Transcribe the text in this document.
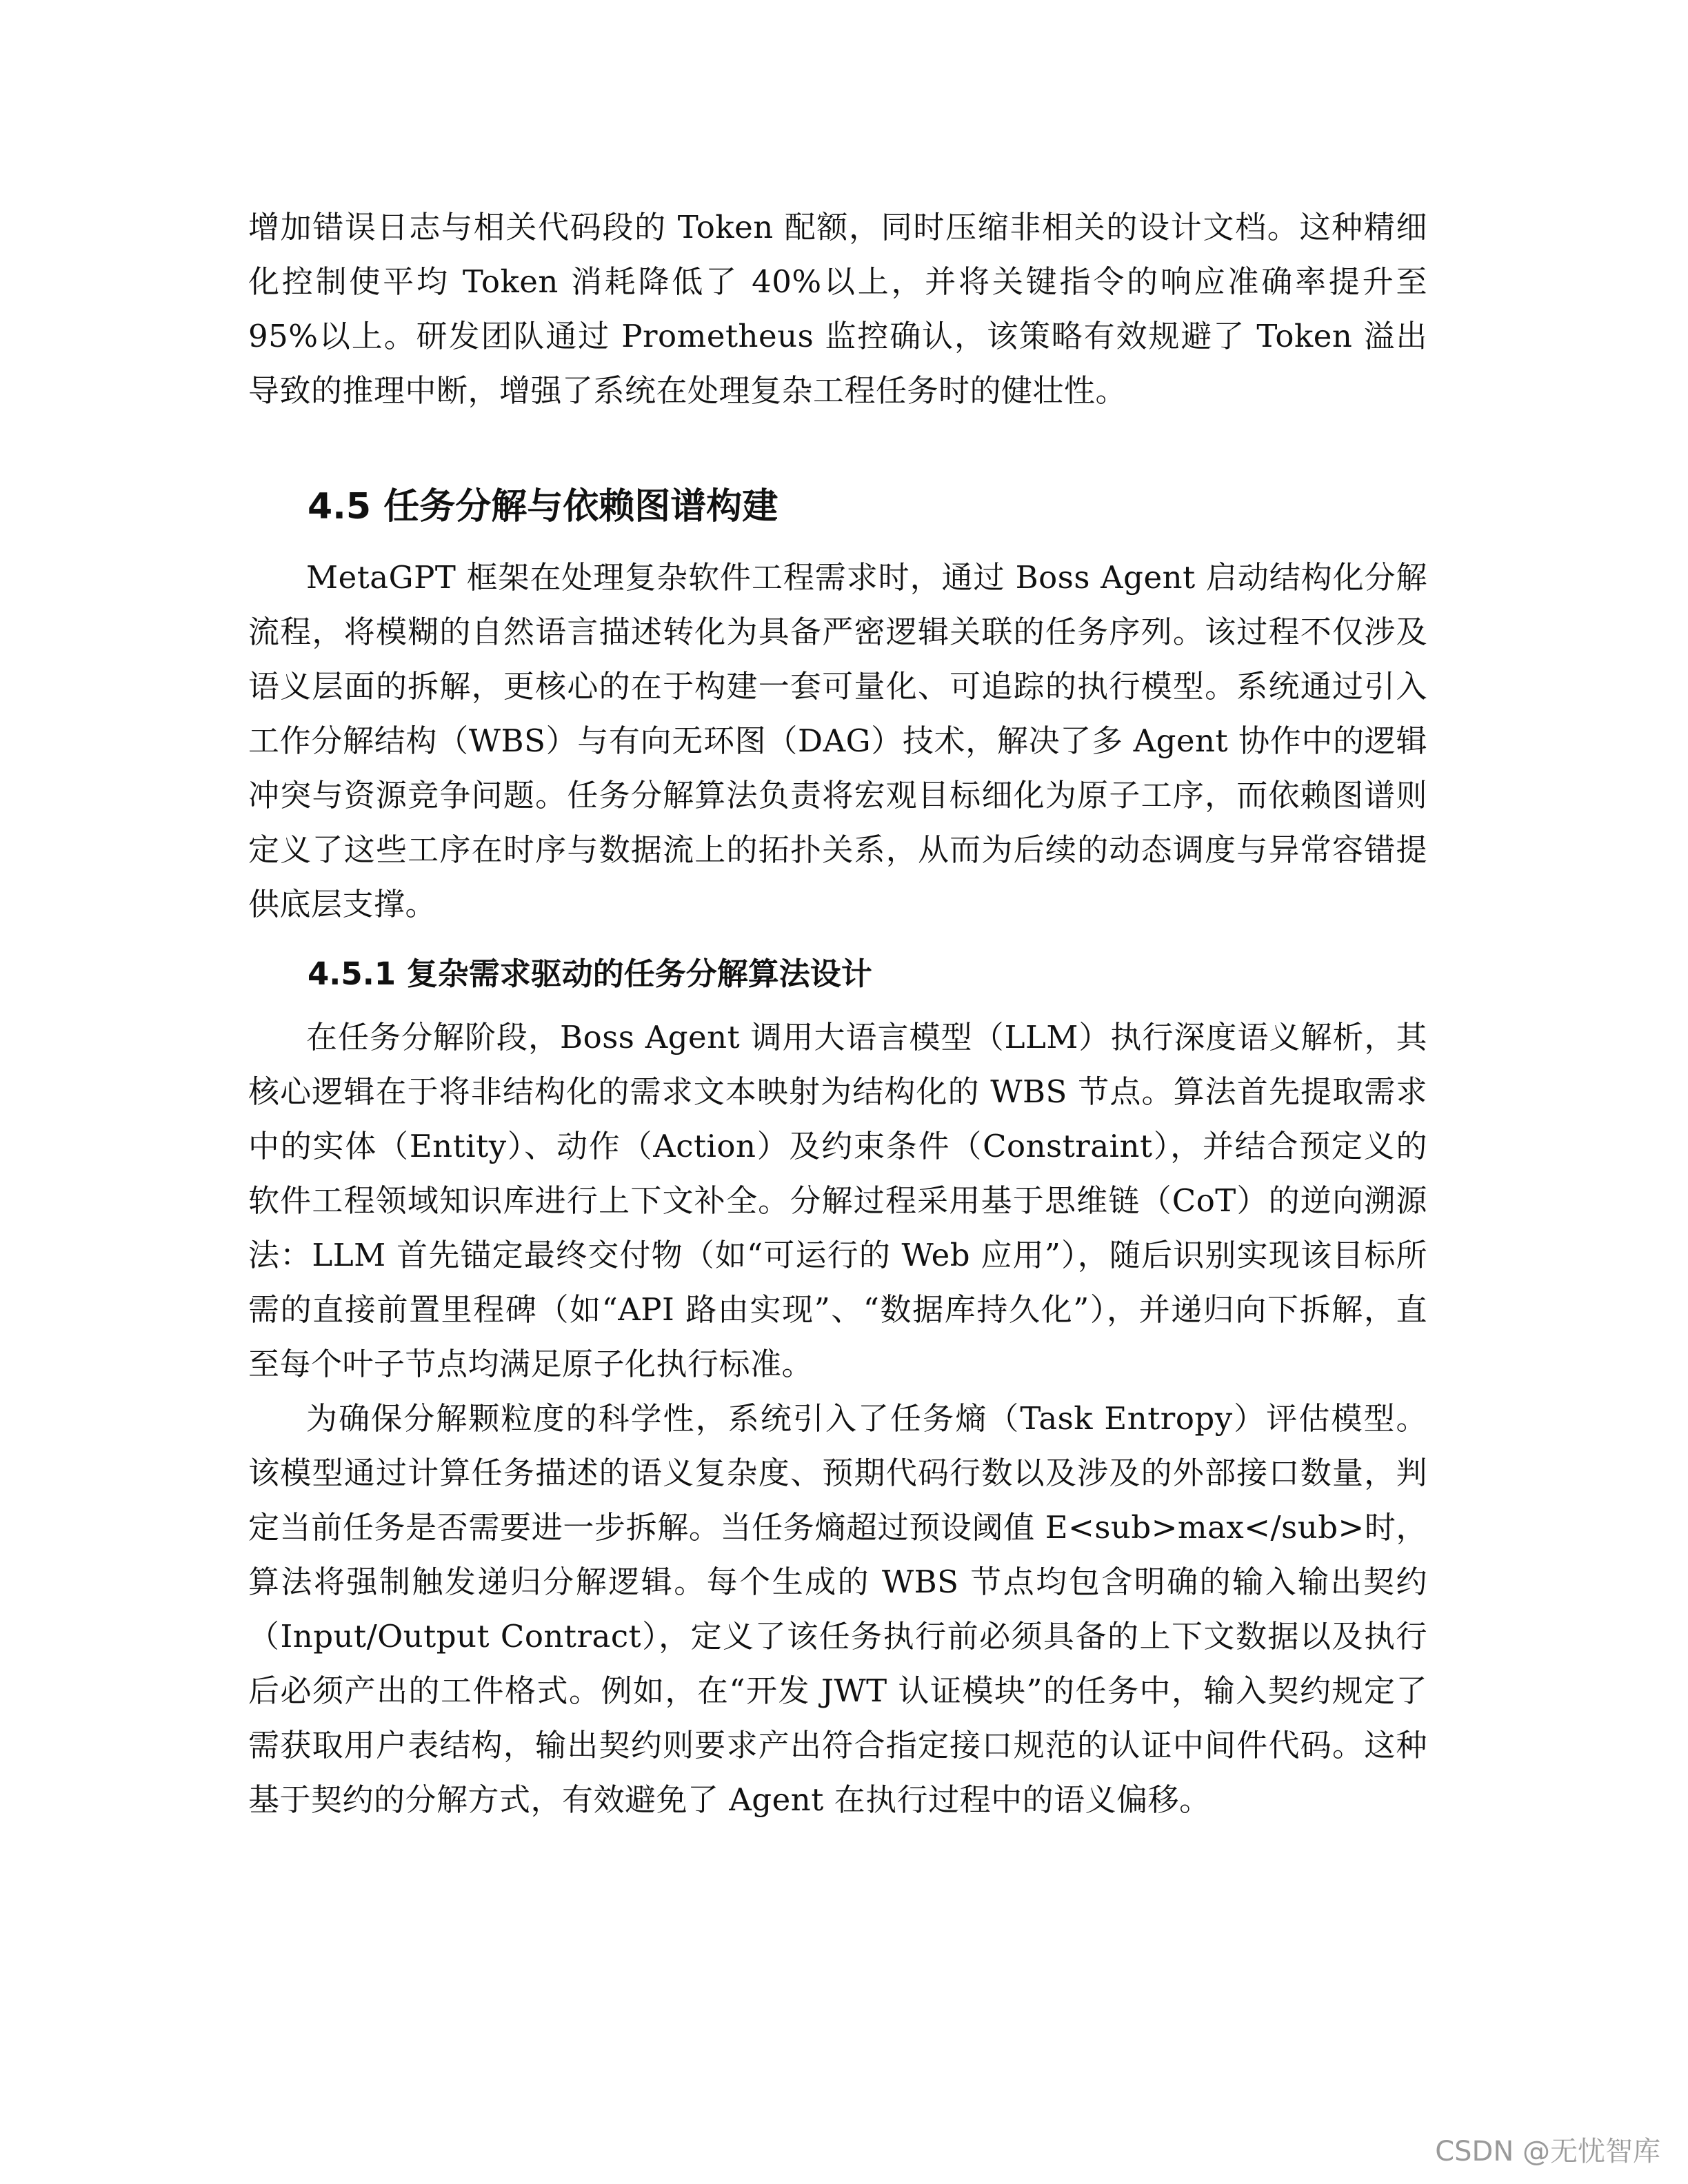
增加错误日志与相关代码段的 Token 配额，同时压缩非相关的设计文档。这种精细化控制使平均 Token 消耗降低了 40%以上，并将关键指令的响应准确率提升至 95%以上。研发团队通过 Prometheus 监控确认，该策略有效规避了 Token 溢出导致的推理中断，增强了系统在处理复杂工程任务时的健壮性。

4.5 任务分解与依赖图谱构建

MetaGPT 框架在处理复杂软件工程需求时，通过 Boss Agent 启动结构化分解流程，将模糊的自然语言描述转化为具备严密逻辑关联的任务序列。该过程不仅涉及语义层面的拆解，更核心的在于构建一套可量化、可追踪的执行模型。系统通过引入工作分解结构（WBS）与有向无环图（DAG）技术，解决了多 Agent 协作中的逻辑冲突与资源竞争问题。任务分解算法负责将宏观目标细化为原子工序，而依赖图谱则定义了这些工序在时序与数据流上的拓扑关系，从而为后续的动态调度与异常容错提供底层支撑。

4.5.1 复杂需求驱动的任务分解算法设计

在任务分解阶段，Boss Agent 调用大语言模型（LLM）执行深度语义解析，其核心逻辑在于将非结构化的需求文本映射为结构化的 WBS 节点。算法首先提取需求中的实体（Entity）、动作（Action）及约束条件（Constraint），并结合预定义的软件工程领域知识库进行上下文补全。分解过程采用基于思维链（CoT）的逆向溯源法：LLM 首先锚定最终交付物（如“可运行的 Web 应用”），随后识别实现该目标所需的直接前置里程碑（如“API 路由实现”、“数据库持久化”），并递归向下拆解，直至每个叶子节点均满足原子化执行标准。

为确保分解颗粒度的科学性，系统引入了任务熵（Task Entropy）评估模型。该模型通过计算任务描述的语义复杂度、预期代码行数以及涉及的外部接口数量，判定当前任务是否需要进一步拆解。当任务熵超过预设阈值 E<sub>max</sub>时，算法将强制触发递归分解逻辑。每个生成的 WBS 节点均包含明确的输入输出契约（Input/Output Contract），定义了该任务执行前必须具备的上下文数据以及执行后必须产出的工件格式。例如，在“开发 JWT 认证模块”的任务中，输入契约规定了需获取用户表结构，输出契约则要求产出符合指定接口规范的认证中间件代码。这种基于契约的分解方式，有效避免了 Agent 在执行过程中的语义偏移。

CSDN @无忧智库
